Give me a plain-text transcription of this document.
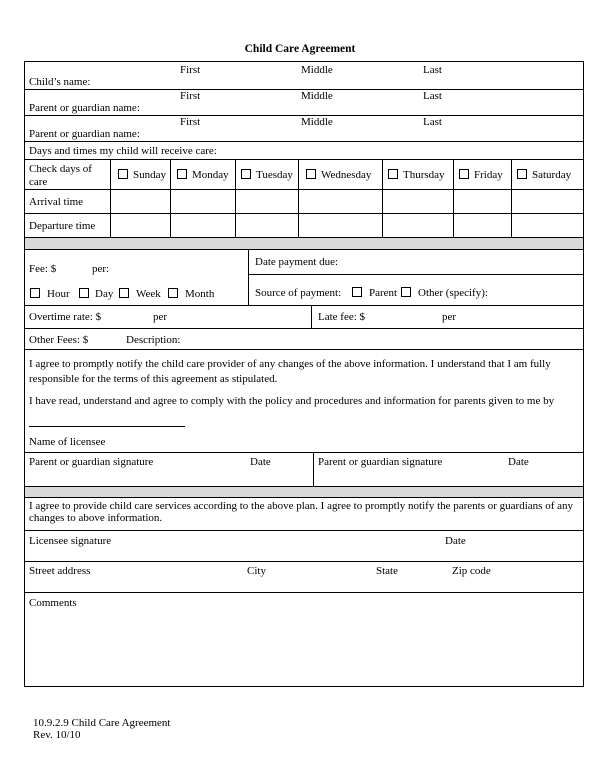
Child Care Agreement
First	Middle	Last
Child’s name:
First	Middle	Last
Parent or guardian name:
First	Middle	Last
Parent or guardian name:
Days and times my child will receive care:
Check days of
care
Sunday Monday Tuesday	Wednesday	Thursday	Friday	Saturday
Arrival time
Departure time
Fee: $	per:
Hour Day Week Month
Date payment due:
Source of payment:	Parent Other (specify):
Overtime rate: $	per	Late fee: $	per
Other Fees: $	Description:
I agree to promptly notify the child care provider of any changes of the above information. I understand that I am fully
responsible for the terms of this agreement as stipulated.
I have read, understand and agree to comply with the policy and procedures and information for parents given to me by
Name of licensee
Parent or guardian signature	Date	Parent or guardian signature	Date
I agree to provide child care services according to the above plan. I agree to promptly notify the parents or guardians of any
changes to above information.
Licensee signature	Date
Street address	City	State	Zip code
Comments
10.9.2.9 Child Care Agreement
Rev. 10/10
